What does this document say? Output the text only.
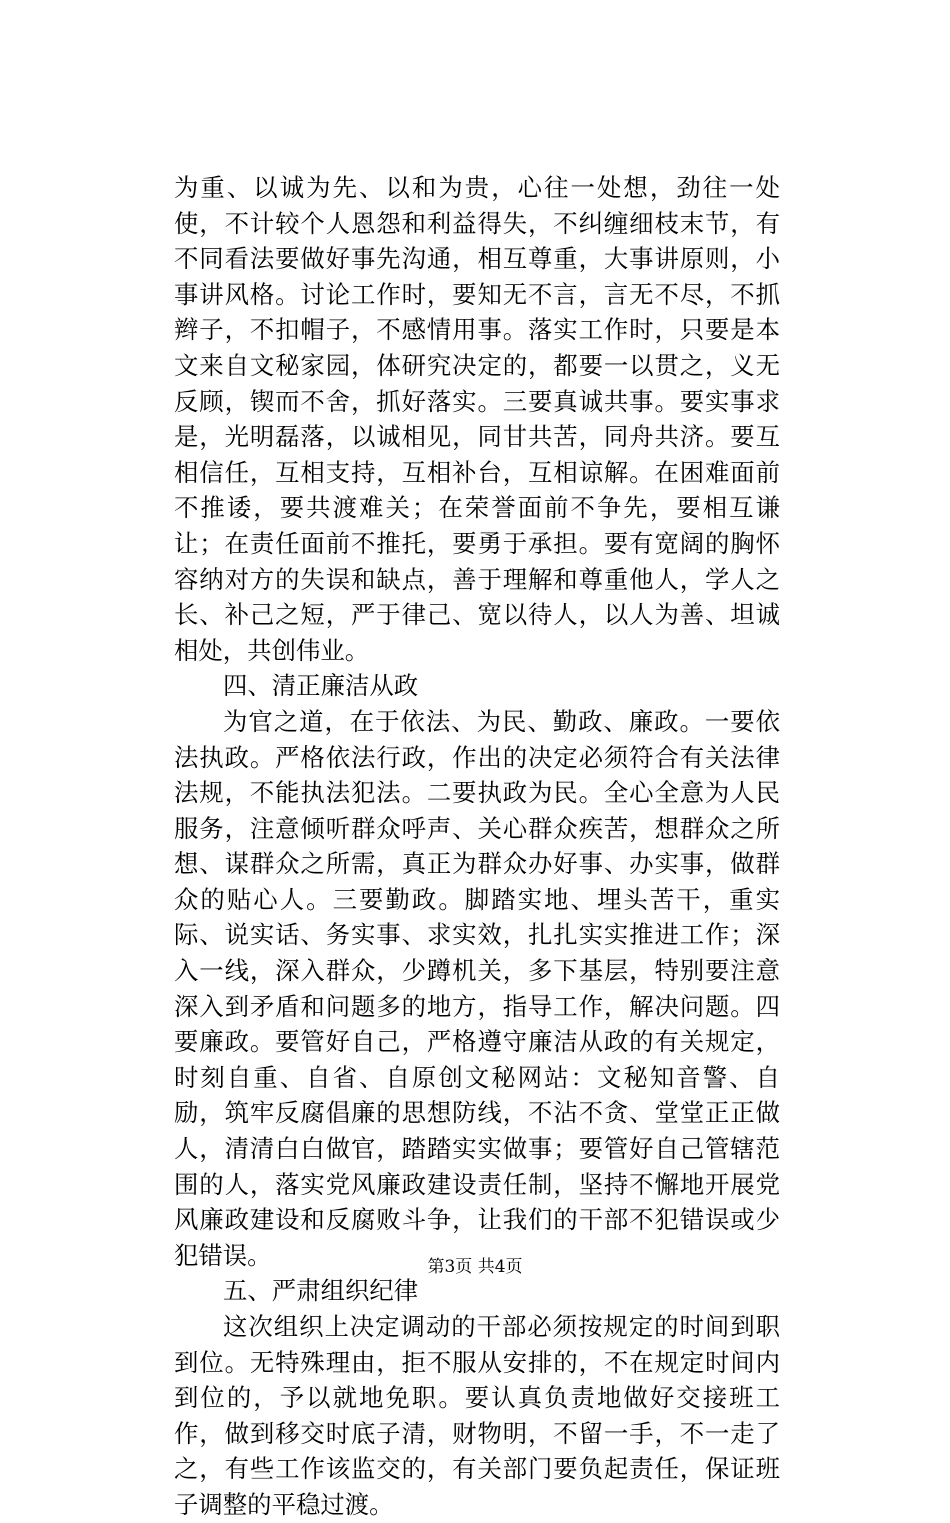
为重、以诚为先、以和为贵，心往一处想，劲往一处使，不计较个人恩怨和利益得失，不纠缠细枝末节，有不同看法要做好事先沟通，相互尊重，大事讲原则，小事讲风格。讨论工作时，要知无不言，言无不尽，不抓辫子，不扣帽子，不感情用事。落实工作时，只要是本文来自文秘家园，体研究决定的，都要一以贯之，义无反顾，锲而不舍，抓好落实。三要真诚共事。要实事求是，光明磊落，以诚相见，同甘共苦，同舟共济。要互相信任，互相支持，互相补台，互相谅解。在困难面前不推诿，要共渡难关；在荣誉面前不争先，要相互谦让；在责任面前不推托，要勇于承担。要有宽阔的胸怀容纳对方的失误和缺点，善于理解和尊重他人，学人之长、补己之短，严于律己、宽以待人，以人为善、坦诚相处，共创伟业。

四、清正廉洁从政

为官之道，在于依法、为民、勤政、廉政。一要依法执政。严格依法行政，作出的决定必须符合有关法律法规，不能执法犯法。二要执政为民。全心全意为人民服务，注意倾听群众呼声、关心群众疾苦，想群众之所想、谋群众之所需，真正为群众办好事、办实事，做群众的贴心人。三要勤政。脚踏实地、埋头苦干，重实际、说实话、务实事、求实效，扎扎实实推进工作；深入一线，深入群众，少蹲机关，多下基层，特别要注意深入到矛盾和问题多的地方，指导工作，解决问题。四要廉政。要管好自己，严格遵守廉洁从政的有关规定，时刻自重、自省、自原创文秘网站：文秘知音警、自励，筑牢反腐倡廉的思想防线，不沾不贪、堂堂正正做人，清清白白做官，踏踏实实做事；要管好自己管辖范围的人，落实党风廉政建设责任制，坚持不懈地开展党风廉政建设和反腐败斗争，让我们的干部不犯错误或少犯错误。

五、严肃组织纪律

这次组织上决定调动的干部必须按规定的时间到职到位。无特殊理由，拒不服从安排的，不在规定时间内到位的，予以就地免职。要认真负责地做好交接班工作，做到移交时底子清，财物明，不留一手，不一走了之，有些工作该监交的，有关部门要负起责任，保证班子调整的平稳过渡。

第3页 共4页
